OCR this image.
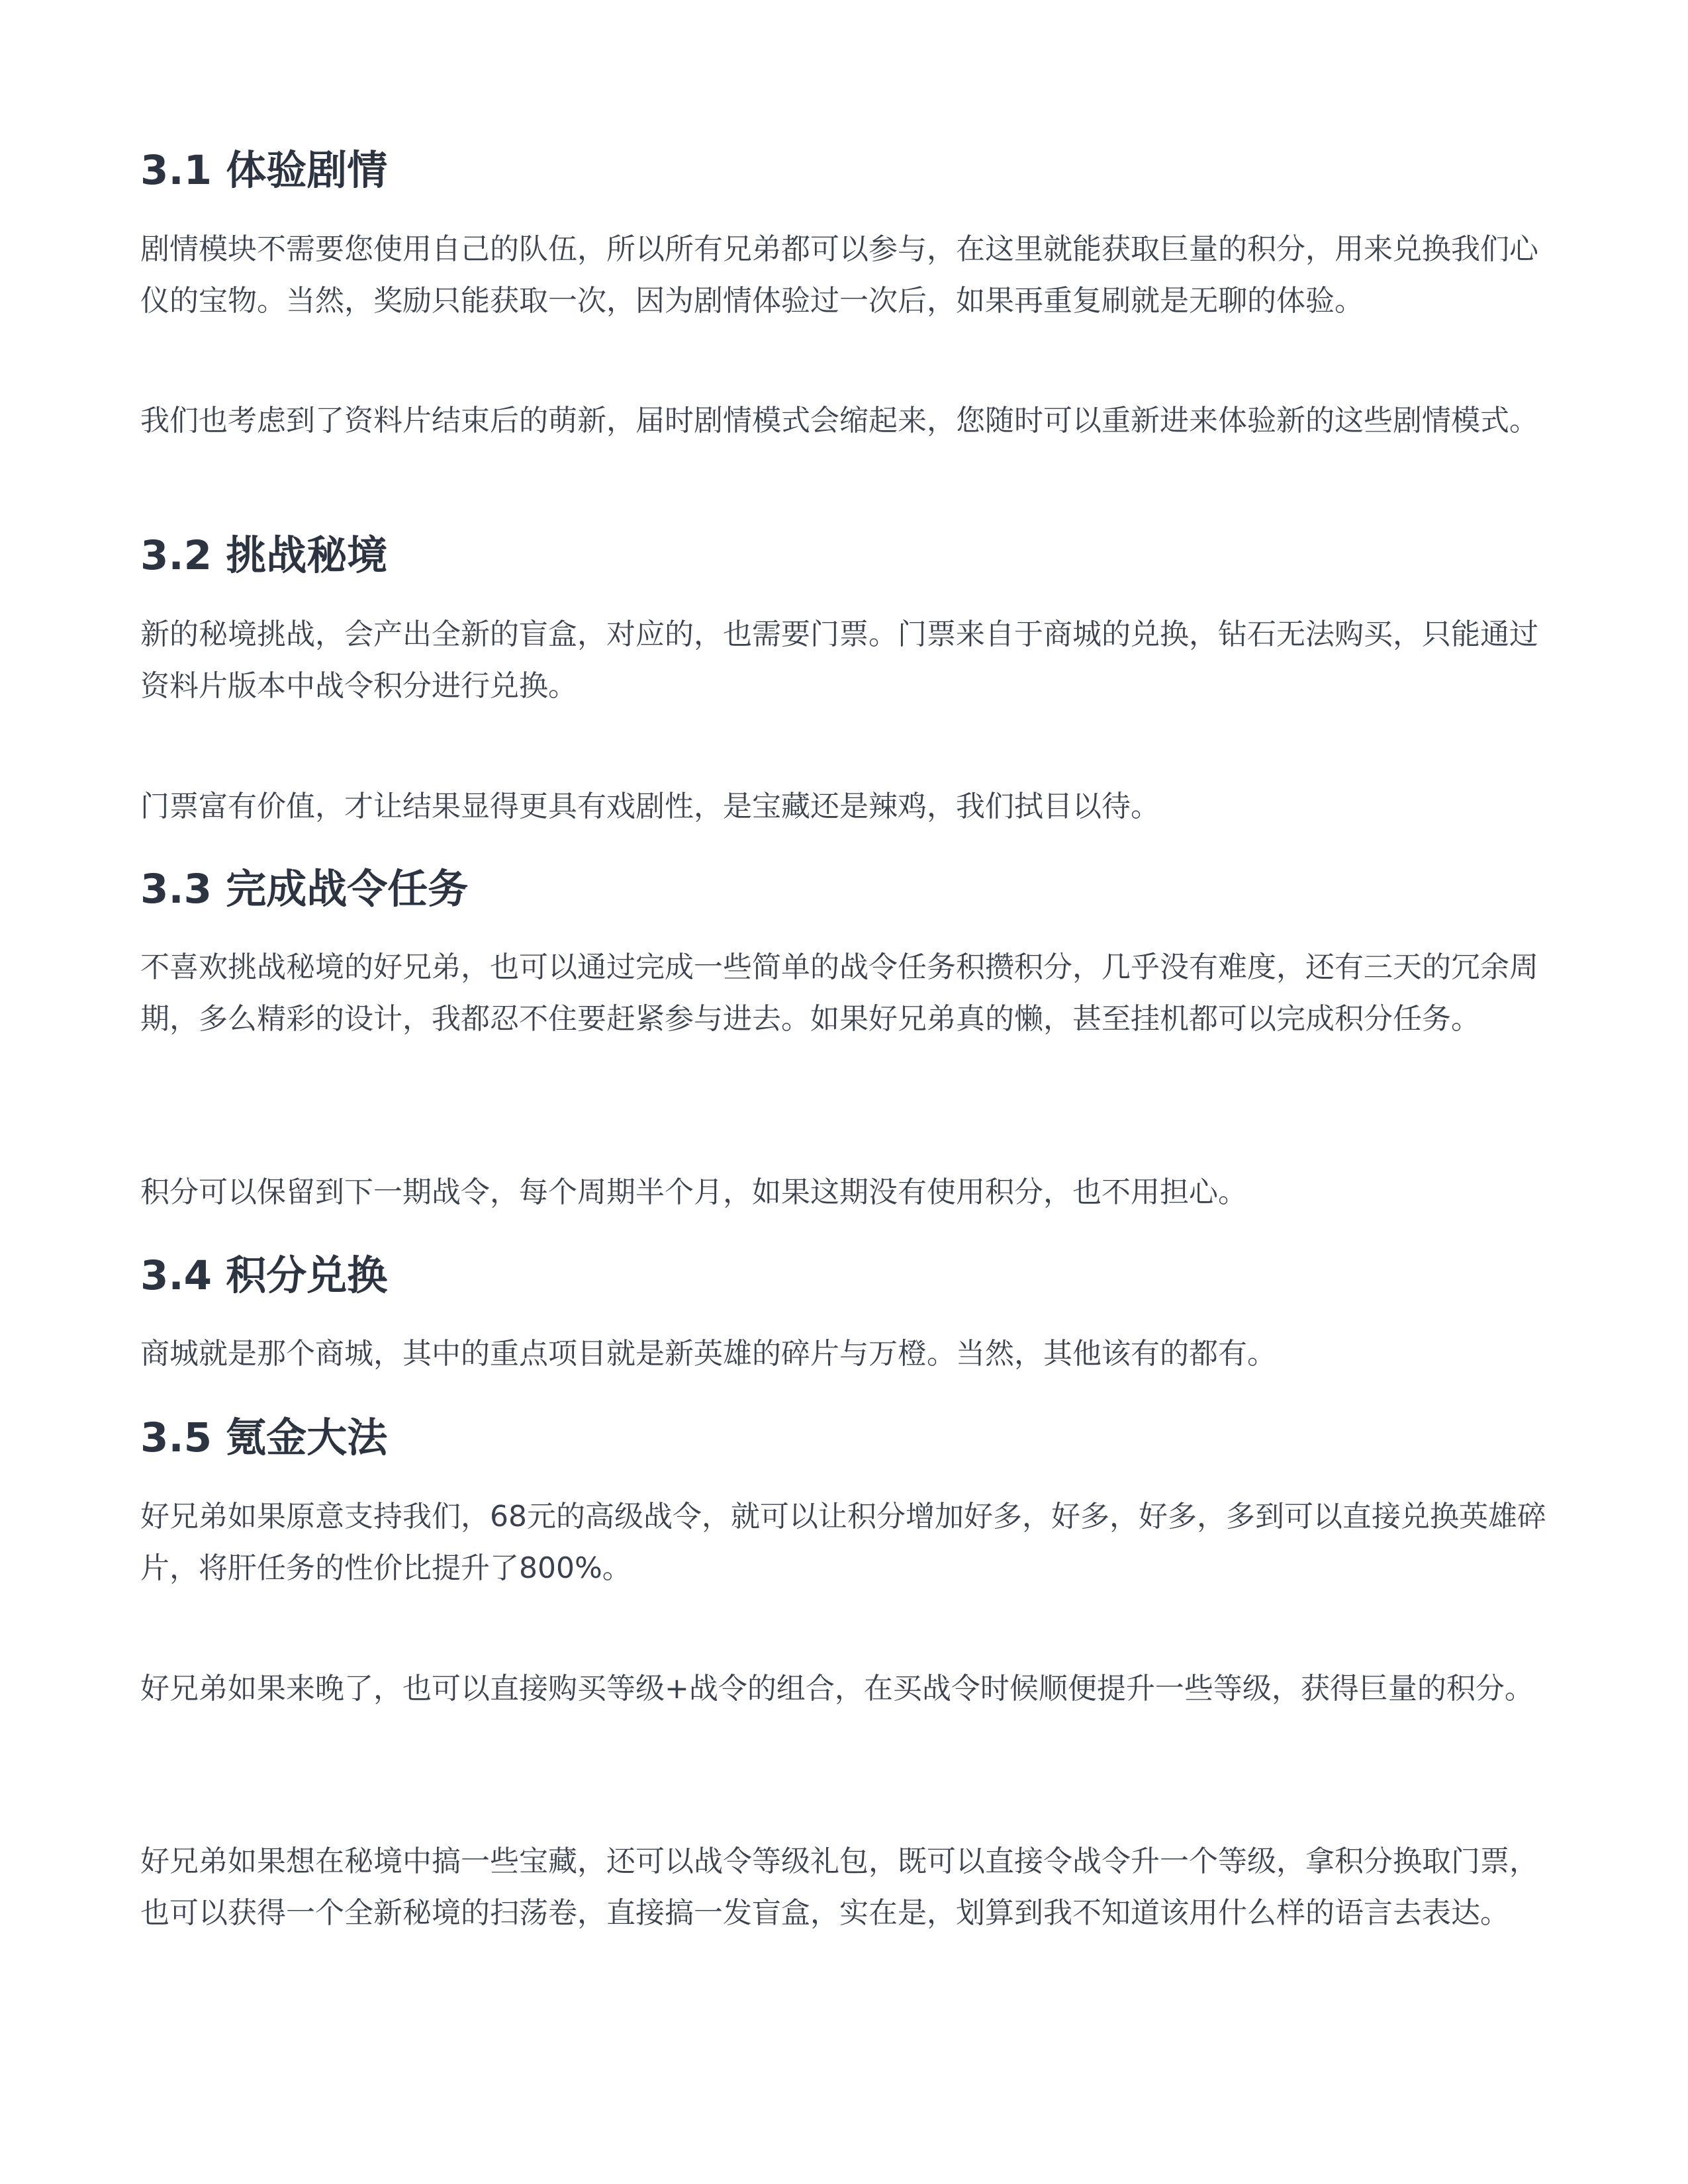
3.1 体验剧情

剧情模块不需要您使用自己的队伍，所以所有兄弟都可以参与，在这里就能获取巨量的积分，用来兑换我们心仪的宝物。当然，奖励只能获取一次，因为剧情体验过一次后，如果再重复刷就是无聊的体验。

我们也考虑到了资料片结束后的萌新，届时剧情模式会缩起来，您随时可以重新进来体验新的这些剧情模式。

3.2 挑战秘境

新的秘境挑战，会产出全新的盲盒，对应的，也需要门票。门票来自于商城的兑换，钻石无法购买，只能通过资料片版本中战令积分进行兑换。

门票富有价值，才让结果显得更具有戏剧性，是宝藏还是辣鸡，我们拭目以待。

3.3 完成战令任务

不喜欢挑战秘境的好兄弟，也可以通过完成一些简单的战令任务积攒积分，几乎没有难度，还有三天的冗余周期，多么精彩的设计，我都忍不住要赶紧参与进去。如果好兄弟真的懒，甚至挂机都可以完成积分任务。

积分可以保留到下一期战令，每个周期半个月，如果这期没有使用积分，也不用担心。

3.4 积分兑换

商城就是那个商城，其中的重点项目就是新英雄的碎片与万橙。当然，其他该有的都有。

3.5 氪金大法

好兄弟如果原意支持我们，68元的高级战令，就可以让积分增加好多，好多，好多，多到可以直接兑换英雄碎片，将肝任务的性价比提升了800%。

好兄弟如果来晚了，也可以直接购买等级+战令的组合，在买战令时候顺便提升一些等级，获得巨量的积分。

好兄弟如果想在秘境中搞一些宝藏，还可以战令等级礼包，既可以直接令战令升一个等级，拿积分换取门票，也可以获得一个全新秘境的扫荡卷，直接搞一发盲盒，实在是，划算到我不知道该用什么样的语言去表达。
